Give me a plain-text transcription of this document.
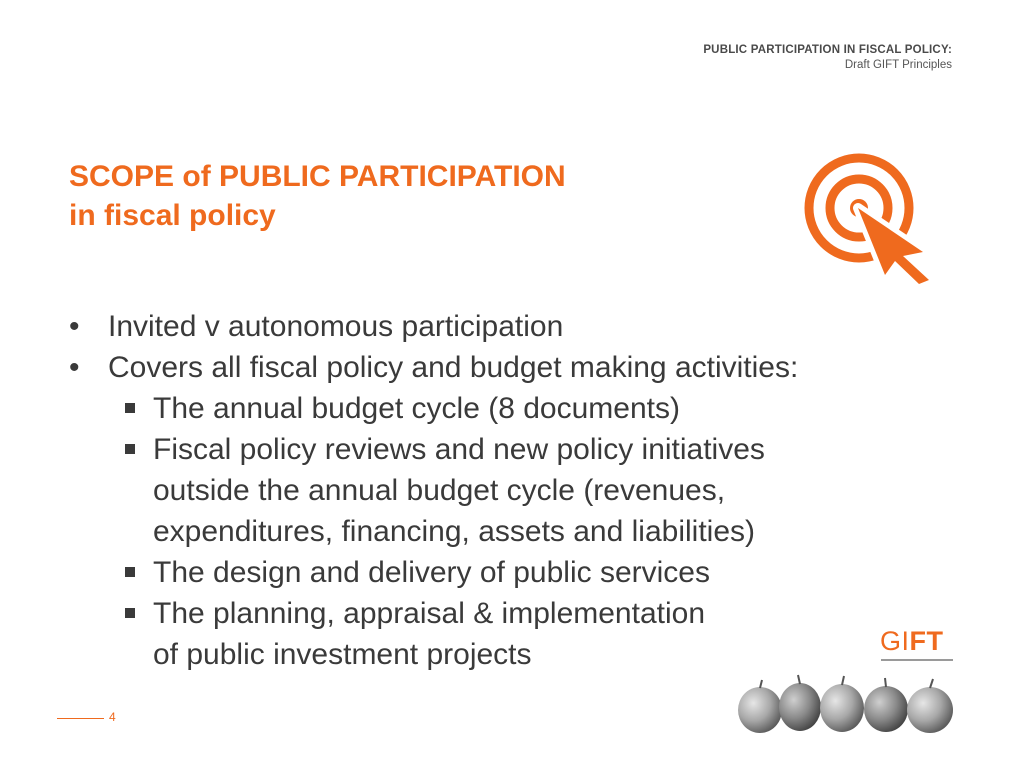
PUBLIC PARTICIPATION IN FISCAL POLICY:
Draft GIFT Principles
SCOPE of PUBLIC PARTICIPATION
in fiscal policy
• Invited v autonomous participation
• Covers all fiscal policy and budget making activities:
The annual budget cycle (8 documents)
Fiscal policy reviews and new policy initiatives
outside the annual budget cycle (revenues,
expenditures, financing, assets and liabilities)
The design and delivery of public services
The planning, appraisal & implementation
of public investment projects	GIFT
4
